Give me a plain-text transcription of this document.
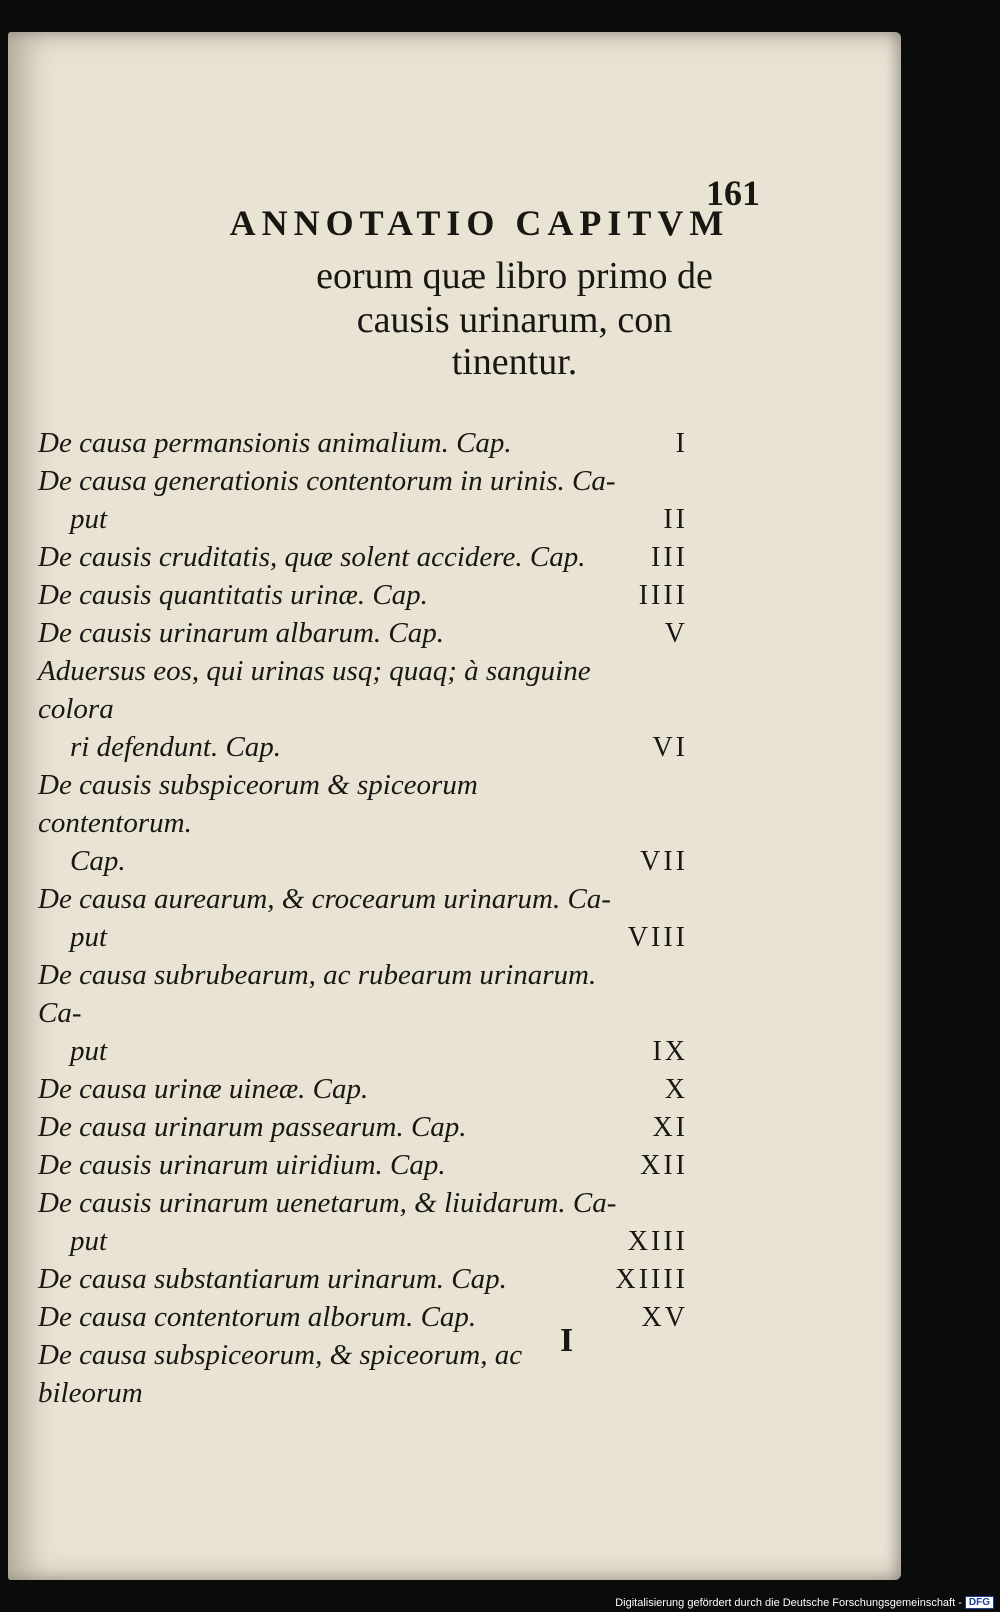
161
ANNOTATIO CAPITVM
eorum quæ libro primo de
causis urinarum, con
tinentur.
De causa permansionis animalium. Cap.	I
De causa generationis contentorum in urinis. Ca-
put	II
De causis cruditatis, quæ solent accidere. Cap.	III
De causis quantitatis urinæ. Cap.	IIII
De causis urinarum albarum. Cap.	V
Aduersus eos, qui urinas usq; quaq; à sanguine colora
ri defendunt. Cap.	VI
De causis subspiceorum & spiceorum contentorum.
Cap.	VII
De causa aurearum, & crocearum urinarum. Ca-
put	VIII
De causa subrubearum, ac rubearum urinarum. Ca-
put	IX
De causa urinæ uineæ. Cap.	X
De causa urinarum passearum. Cap.	XI
De causis urinarum uiridium. Cap.	XII
De causis urinarum uenetarum, & liuidarum. Ca-
put	XIII
De causa substantiarum urinarum. Cap.	XIIII
De causa contentorum alborum. Cap.	XV
De causa subspiceorum, & spiceorum, ac bileorum
I
Digitalisierung gefördert durch die Deutsche Forschungsgemeinschaft - DFG
